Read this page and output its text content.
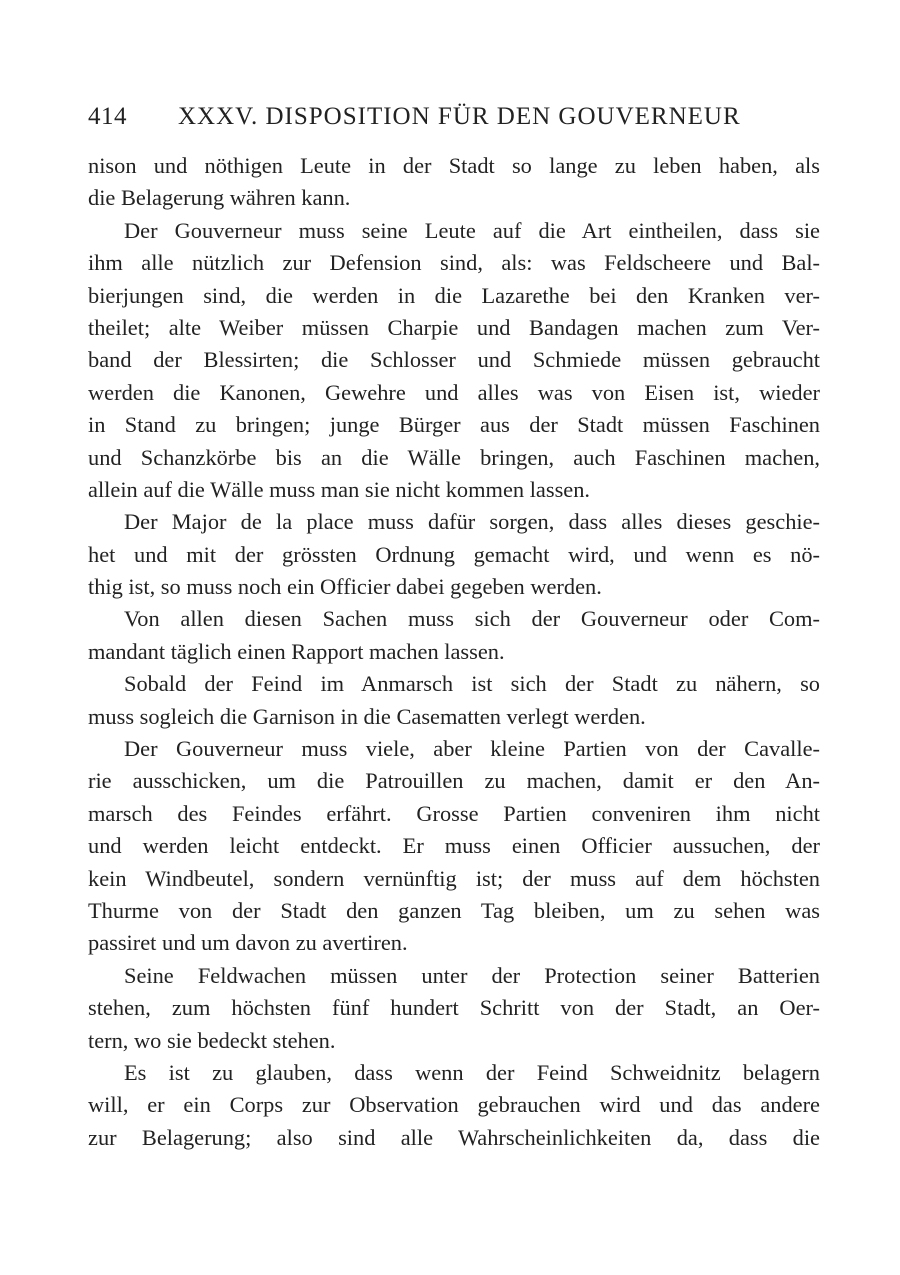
414 XXXV. DISPOSITION FÜR DEN GOUVERNEUR

nison und nöthigen Leute in der Stadt so lange zu leben haben, als
die Belagerung währen kann.

Der Gouverneur muss seine Leute auf die Art eintheilen, dass sie
ihm alle nützlich zur Defension sind, als: was Feldscheere und Bal-
bierjungen sind, die werden in die Lazarethe bei den Kranken ver-
theilet; alte Weiber müssen Charpie und Bandagen machen zum Ver-
band der Blessirten; die Schlosser und Schmiede müssen gebraucht
werden die Kanonen, Gewehre und alles was von Eisen ist, wieder
in Stand zu bringen; junge Bürger aus der Stadt müssen Faschinen
und Schanzkörbe bis an die Wälle bringen, auch Faschinen machen,
allein auf die Wälle muss man sie nicht kommen lassen.

Der Major de la place muss dafür sorgen, dass alles dieses geschie-
het und mit der grössten Ordnung gemacht wird, und wenn es nö-
thig ist, so muss noch ein Officier dabei gegeben werden.

Von allen diesen Sachen muss sich der Gouverneur oder Com-
mandant täglich einen Rapport machen lassen.

Sobald der Feind im Anmarsch ist sich der Stadt zu nähern, so
muss sogleich die Garnison in die Casematten verlegt werden.

Der Gouverneur muss viele, aber kleine Partien von der Cavalle-
rie ausschicken, um die Patrouillen zu machen, damit er den An-
marsch des Feindes erfährt. Grosse Partien conveniren ihm nicht
und werden leicht entdeckt. Er muss einen Officier aussuchen, der
kein Windbeutel, sondern vernünftig ist; der muss auf dem höchsten
Thurme von der Stadt den ganzen Tag bleiben, um zu sehen was
passiret und um davon zu avertiren.

Seine Feldwachen müssen unter der Protection seiner Batterien
stehen, zum höchsten fünf hundert Schritt von der Stadt, an Oer-
tern, wo sie bedeckt stehen.

Es ist zu glauben, dass wenn der Feind Schweidnitz belagern
will, er ein Corps zur Observation gebrauchen wird und das andere
zur Belagerung; also sind alle Wahrscheinlichkeiten da, dass die
